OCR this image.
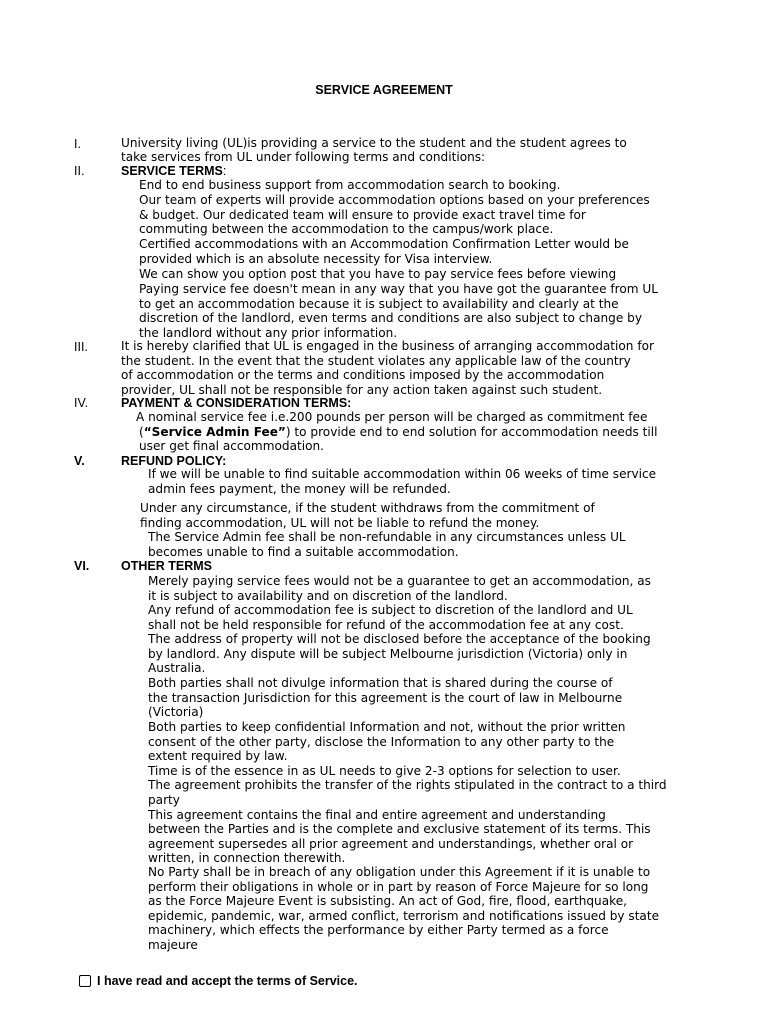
SERVICE AGREEMENT
I.	University living (UL)is providing a service to the student and the student agrees to
take services from UL under following terms and conditions:
II.	SERVICE TERMS:
End to end business support from accommodation search to booking.
Our team of experts will provide accommodation options based on your preferences
& budget. Our dedicated team will ensure to provide exact travel time for
commuting between the accommodation to the campus/work place.
Certified accommodations with an Accommodation Confirmation Letter would be
provided which is an absolute necessity for Visa interview.
We can show you option post that you have to pay service fees before viewing
Paying service fee doesn't mean in any way that you have got the guarantee from UL
to get an accommodation because it is subject to availability and clearly at the
discretion of the landlord, even terms and conditions are also subject to change by
the landlord without any prior information.
III.	It is hereby clarified that UL is engaged in the business of arranging accommodation for
the student. In the event that the student violates any applicable law of the country
of accommodation or the terms and conditions imposed by the accommodation
provider, UL shall not be responsible for any action taken against such student.
IV.	PAYMENT & CONSIDERATION TERMS:
A nominal service fee i.e.200 pounds per person will be charged as commitment fee
(“Service Admin Fee”) to provide end to end solution for accommodation needs till
user get final accommodation.
V.	REFUND POLICY:
If we will be unable to find suitable accommodation within 06 weeks of time service
admin fees payment, the money will be refunded.
Under any circumstance, if the student withdraws from the commitment of
finding accommodation, UL will not be liable to refund the money.
The Service Admin fee shall be non-refundable in any circumstances unless UL
becomes unable to find a suitable accommodation.
VI.	OTHER TERMS
Merely paying service fees would not be a guarantee to get an accommodation, as
it is subject to availability and on discretion of the landlord.
Any refund of accommodation fee is subject to discretion of the landlord and UL
shall not be held responsible for refund of the accommodation fee at any cost.
The address of property will not be disclosed before the acceptance of the booking
by landlord. Any dispute will be subject Melbourne jurisdiction (Victoria) only in
Australia.
Both parties shall not divulge information that is shared during the course of
the transaction Jurisdiction for this agreement is the court of law in Melbourne
(Victoria)
Both parties to keep confidential Information and not, without the prior written
consent of the other party, disclose the Information to any other party to the
extent required by law.
Time is of the essence in as UL needs to give 2-3 options for selection to user.
The agreement prohibits the transfer of the rights stipulated in the contract to a third
party
This agreement contains the final and entire agreement and understanding
between the Parties and is the complete and exclusive statement of its terms. This
agreement supersedes all prior agreement and understandings, whether oral or
written, in connection therewith.
No Party shall be in breach of any obligation under this Agreement if it is unable to
perform their obligations in whole or in part by reason of Force Majeure for so long
as the Force Majeure Event is subsisting. An act of God, fire, flood, earthquake,
epidemic, pandemic, war, armed conflict, terrorism and notifications issued by state
machinery, which effects the performance by either Party termed as a force
majeure
I have read and accept the terms of Service.
